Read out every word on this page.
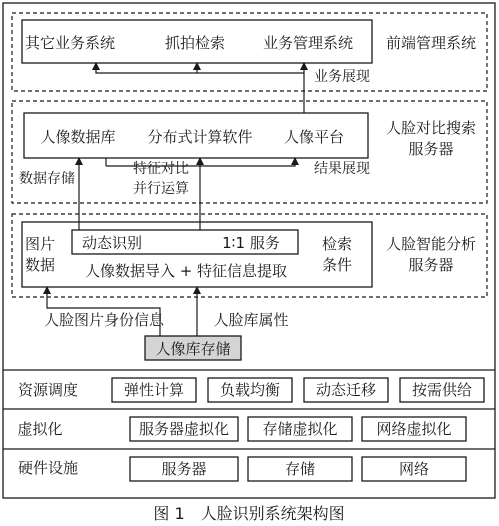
其它业务系统	抓拍检索	业务管理系统 前端管理系统
业务展现
人像数据库 分布式计算软件 人像平台	人脸对比搜索
服务器
数据存储
特征对比
并行运算
结果展现
图片
数据
动态识别	1∶1 服务
人像数据导入 + 特征信息提取
检索
条件
人脸智能分析
服务器
人脸图片身份信息	人脸库属性
人像库存储
资源调度	弹性计算 负载均衡 动态迁移 按需供给
虚拟化	服务器虚拟化 存储虚拟化	网络虚拟化
硬件设施	服务器	存储	网络
图 1　人脸识别系统架构图
